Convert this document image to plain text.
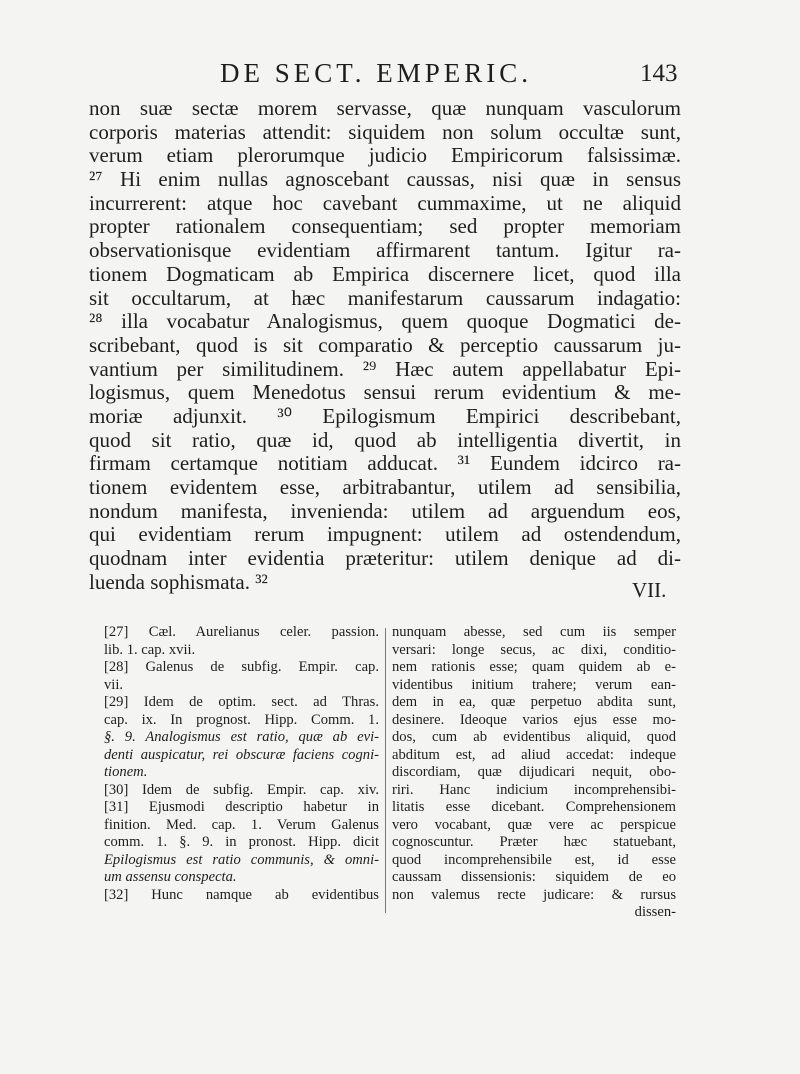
DE SECT. EMPERIC.	143
non suæ sectæ morem servasse, quæ nunquam vasculorum
corporis materias attendit: siquidem non solum occultæ sunt,
verum etiam plerorumque judicio Empiricorum falsissimæ.
²⁷ Hi enim nullas agnoscebant caussas, nisi quæ in sensus
incurrerent: atque hoc cavebant cummaxime, ut ne aliquid
propter rationalem consequentiam; sed propter memoriam
observationisque evidentiam affirmarent tantum. Igitur ra-
tionem Dogmaticam ab Empirica discernere licet, quod illa
sit occultarum, at hæc manifestarum caussarum indagatio:
²⁸ illa vocabatur Analogismus, quem quoque Dogmatici de-
scribebant, quod is sit comparatio & perceptio caussarum ju-
vantium per similitudinem. ²⁹ Hæc autem appellabatur Epi-
logismus, quem Menedotus sensui rerum evidentium & me-
moriæ adjunxit. ³⁰ Epilogismum Empirici describebant,
quod sit ratio, quæ id, quod ab intelligentia divertit, in
firmam certamque notitiam adducat. ³¹ Eundem idcirco ra-
tionem evidentem esse, arbitrabantur, utilem ad sensibilia,
nondum manifesta, invenienda: utilem ad arguendum eos,
qui evidentiam rerum impugnent: utilem ad ostendendum,
quodnam inter evidentia præteritur: utilem denique ad di-
luenda sophismata. ³²	VII.
[27] Cæl. Aurelianus celer. passion.
lib. 1. cap. xvii.
[28] Galenus de subfig. Empir. cap.
vii.
[29] Idem de optim. sect. ad Thras.
cap. ix. In prognost. Hipp. Comm. 1.
§. 9. Analogismus est ratio, quæ ab evi-
denti auspicatur, rei obscuræ faciens cogni-
tionem.
[30] Idem de subfig. Empir. cap. xiv.
[31] Ejusmodi descriptio habetur in
finition. Med. cap. 1. Verum Galenus
comm. 1. §. 9. in pronost. Hipp. dicit
Epilogismus est ratio communis, & omni-
um assensu conspecta.
[32] Hunc namque ab evidentibus
nunquam abesse, sed cum iis semper
versari: longe secus, ac dixi, conditio-
nem rationis esse; quam quidem ab e-
videntibus initium trahere; verum ean-
dem in ea, quæ perpetuo abdita sunt,
desinere. Ideoque varios ejus esse mo-
dos, cum ab evidentibus aliquid, quod
abditum est, ad aliud accedat: indeque
discordiam, quæ dijudicari nequit, obo-
riri. Hanc indicium incomprehensibi-
litatis esse dicebant. Comprehensionem
vero vocabant, quæ vere ac perspicue
cognoscuntur. Præter hæc statuebant,
quod incomprehensibile est, id esse
caussam dissensionis: siquidem de eo
non valemus recte judicare: & rursus
dissen-
